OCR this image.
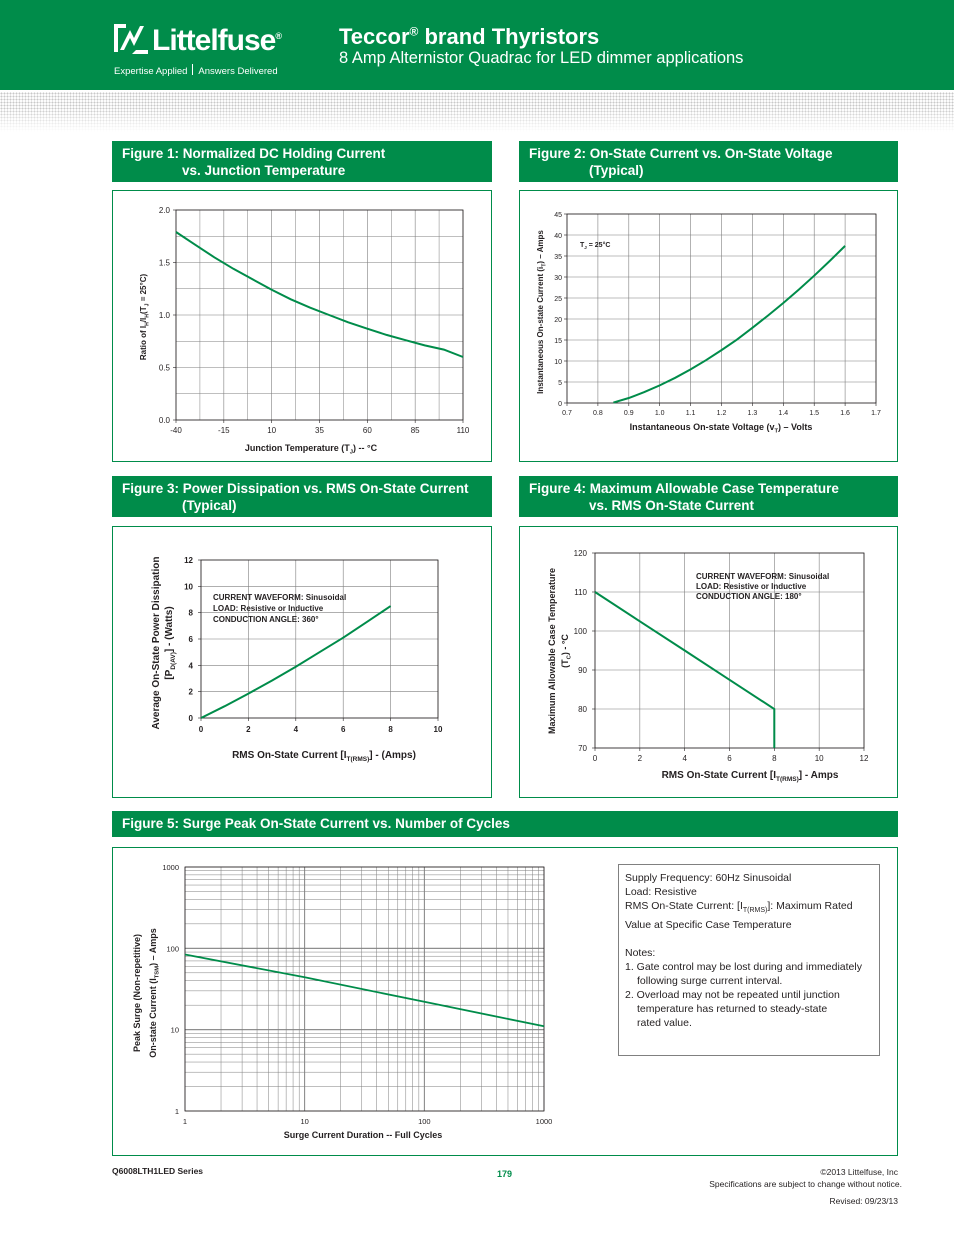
Littelfuse®
Expertise Applied Answers Delivered
Teccor® brand Thyristors
8 Amp Alternistor Quadrac for LED dimmer applications
Figure 1: Normalized DC Holding Current
vs. Junction Temperature
Figure 2: On-State Current vs. On-State Voltage
(Typical)
Figure 3: Power Dissipation vs. RMS On-State Current
(Typical)
Figure 4: Maximum Allowable Case Temperature
vs. RMS On-State Current
Figure 5: Surge Peak On-State Current vs. Number of Cycles
-40	-15	10	35	60	85	110
0.0
0.5
1.0
1.5
2.0
Junction Temperature $(T_J) -- ^\circ C$
Ratio of $I_H/I_H(T_J = 25^\circ C)$
0.7	0.8	0.9	1.0	1.1	1.2	1.3	1.4	1.5	1.6	1.7
0
5
10
15
20
25
30
35
40
45
$T_J = 25^\circ C$
Instantaneous On-state Voltage $(v_T)$ – Volts
Instantaneous On-state Current $(i_T)$ – Amps
0	2	4	6	8	10
0
2
4
6
8
10
12
CURRENT WAVEFORM: Sinusoidal
LOAD: Resistive or Inductive
CONDUCTION ANGLE: 360°
RMS On-State Current $[I_{T(RMS)}]$ - (Amps)
Average On-State Power Dissipation $[P_{D(AV)}]$ - (Watts)
0	2	4	6	8	10	12
70
80
90
100
110
120
CURRENT WAVEFORM: Sinusoidal
LOAD: Resistive or Inductive
CONDUCTION ANGLE: 180°
RMS On-State Current $[I_{T(RMS)}]$ - Amps
Maximum Allowable Case Temperature $(T_C) - ^\circ C$
1	10	100	1000
1
10
100
1000
Surge Current Duration -- Full Cycles
Peak Surge (Non-repetitive) On-state Current $(I_{TSM})$ – Amps
Supply Frequency: 60Hz Sinusoidal
Load: Resistive
RMS On-State Current: $[I_{T(RMS)}]$: Maximum Rated
Value at Specific Case Temperature
Notes:
1. Gate control may be lost during and immediately
following surge current interval.
2. Overload may not be repeated until junction
temperature has returned to steady-state
rated value.
Q6008LTH1LED Series	179	©2013 Littelfuse, Inc
Specifications are subject to change without notice.
Revised: 09/23/13
